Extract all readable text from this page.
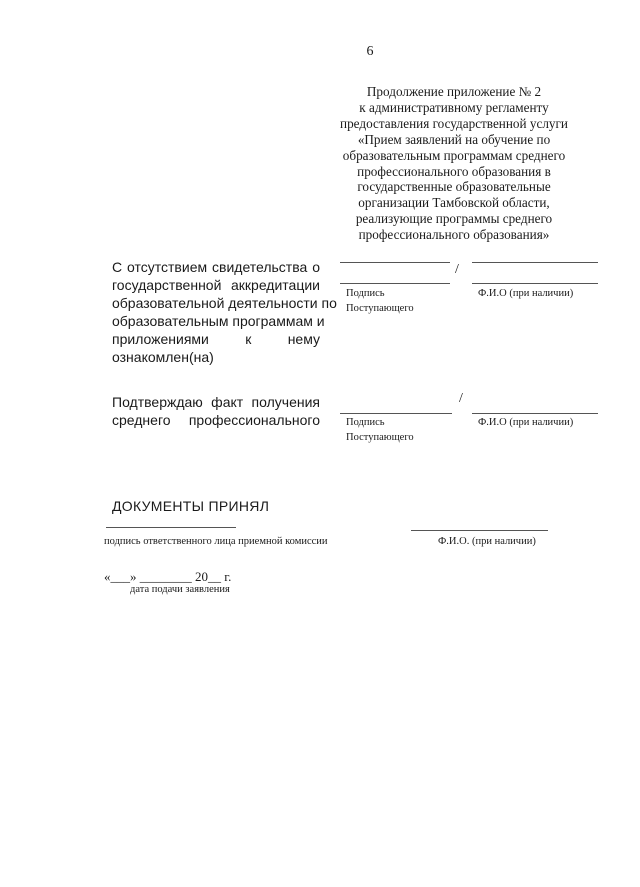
6
Продолжение приложение № 2
к административному регламенту
предоставления государственной услуги
«Прием заявлений на обучение по
образовательным программам среднего
профессионального образования в
государственные образовательные
организации Тамбовской области,
реализующие программы среднего
профессионального образования»
С отсутствием свидетельства о
государственной аккредитации
образовательной деятельности по
образовательным программам и
приложениями к нему
ознакомлен(на)
/
Подпись
Поступающего
Ф.И.О (при наличии)
Подтверждаю факт получения
среднего профессионального
/
Подпись
Поступающего
Ф.И.О (при наличии)
ДОКУМЕНТЫ ПРИНЯЛ
подпись ответственного лица приемной комиссии	Ф.И.О. (при наличии)
«___» ________ 20__ г.
дата подачи заявления
